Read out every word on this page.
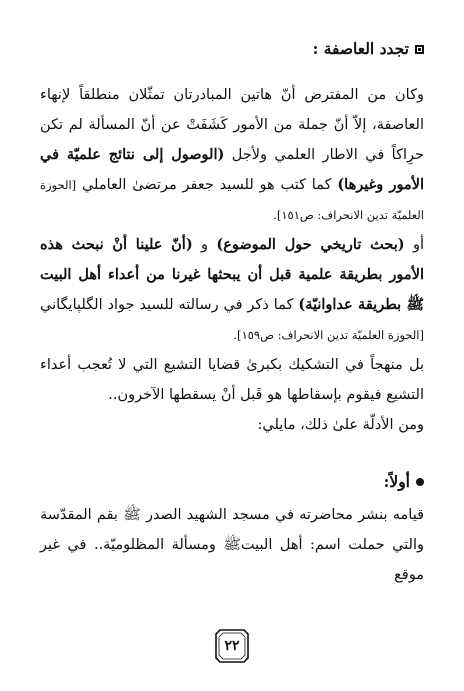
تجدد العاصفة :

وكان من المفترض أنّ هاتين المبادرتان تمثّلان منطلقاً لإنهاء العاصفة، إلاّ أنّ جملة من الأمور كَشَفَتْ عن أنّ المسألة لم تكن حرِاكاً في الاطار العلمي ولأجل (الوصول إلى نتائج علميّة في الأمور وغيرها) كما كتب هو للسيد جعفر مرتضىٰ العاملي [الحوزة العلميّة تدين الانحراف: ص١٥١].

أو (بحث تاريخي حول الموضوع) و (أنّ علينا أنْ نبحث هذه الأمور بطريقة علمية قبل أن يبحثها غيرنا من أعداء أهل البيت ﷺ بطريقة عداوانيّة) كما ذكر في رسالته للسيد جواد الگلپايگاني [الحوزة العلميّة تدين الانحراف: ص١٥٩].

بل منهجاً في التشكيك بكبرىٰ قضايا التشيع التي لا تُعجب أعداء التشيع فيقوم بإسقاطها هو قَبل أنْ يسقطها الآخرون..

ومن الأدلّة علىٰ ذلك، مايلي:

أولاً:

قيامه بنشر محاضرته في مسجد الشهيد الصدر ﷺ بقم المقدّسة والتي حملت اسم: أهل البيتﷺ ومسألة المظلوميّة.. في غير موقع

٢٢
